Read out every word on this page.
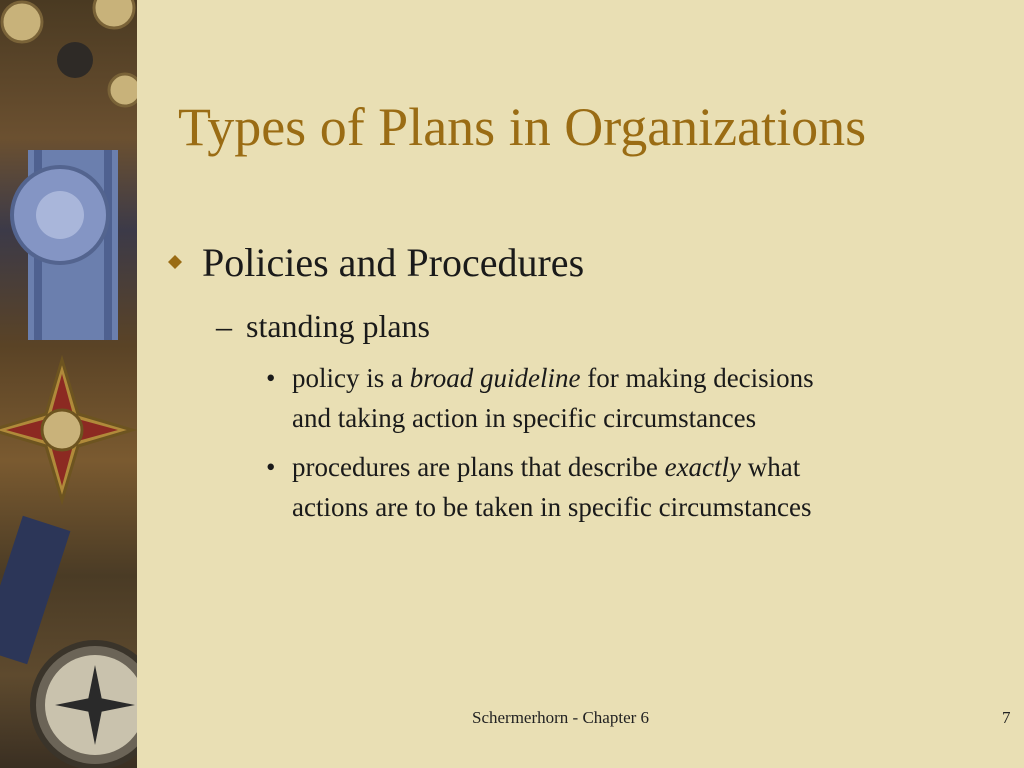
Types of Plans in Organizations
Policies and Procedures
– standing plans
• policy is a broad guideline for making decisions
and taking action in specific circumstances
• procedures are plans that describe exactly what
actions are to be taken in specific circumstances
Schermerhorn - Chapter 6	7
